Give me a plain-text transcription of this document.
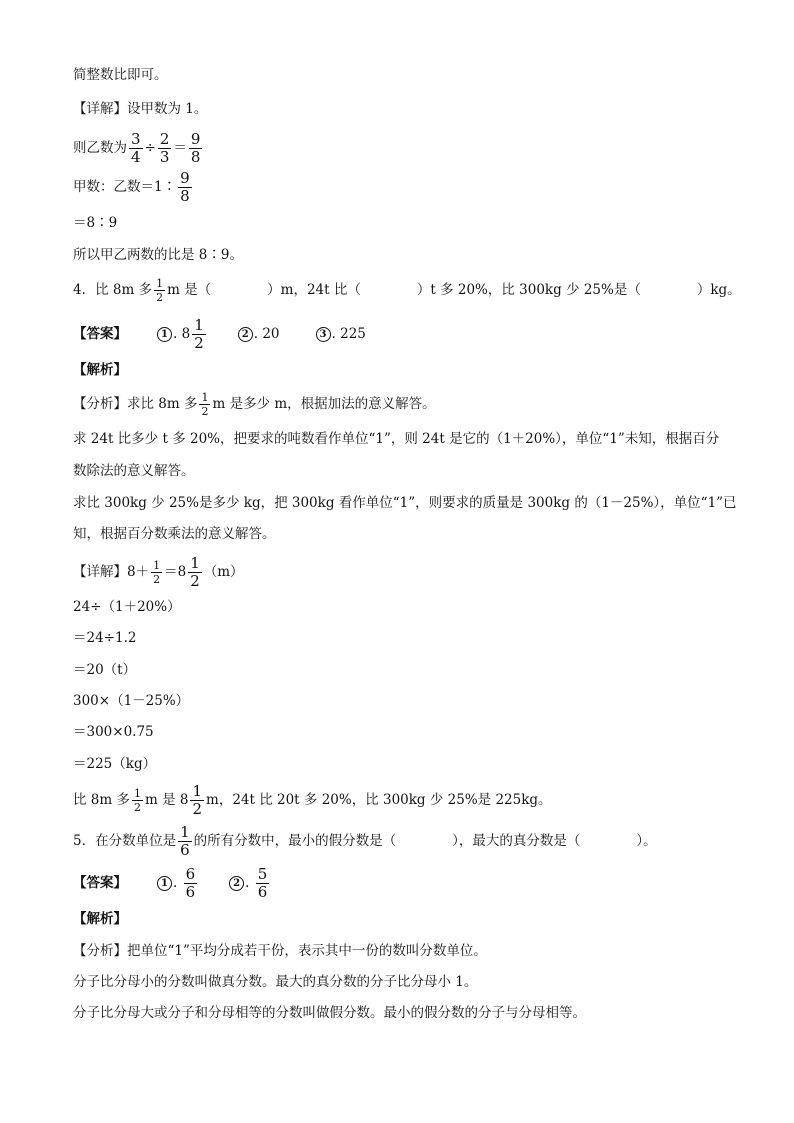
简整数比即可。
【详解】设甲数为 1。
则乙数为 $\frac{3}{4} \div \frac{2}{3} = \frac{9}{8}$
甲数：乙数＝1∶ $\frac{9}{8}$
＝8∶9
所以甲乙两数的比是 8∶9。
4．比 8m 多 $\frac{1}{2}$ m 是（	）m，24t 比（	）t 多 20%，比 300kg 少 25%是（	）kg。
【答案】	1 . $8 \frac{1}{2}$	2 . 20	3 . 225
【解析】
【分析】 求比 8m 多 $\frac{1}{2}$ m 是多少 m，根据加法的意义解答。
求 24t 比多少 t 多 20%，把要求的吨数看作单位“1”，则 24t 是它的（1＋20%），单位“1”未知，根据百分
数除法的意义解答。
求比 300kg 少 25%是多少 kg，把 300kg 看作单位“1”，则要求的质量是 300kg 的（1－25%），单位“1”已
知，根据百分数乘法的意义解答。
【详解】 $8+ \frac{1}{2} =8 \frac{1}{2} (m)$
24÷（1＋20%）
＝24÷1.2
＝20（t）
300×（1－25%）
＝300×0.75
＝225（kg）
比 8m 多 $\frac{1}{2}$ m 是 $8 \frac{1}{2}$ m，24t 比 20t 多 20%，比 300kg 少 25%是 225kg。
5．在分数单位是 $\frac{1}{6}$ 的所有分数中，最小的假分数是（	），最大的真分数是（	）。
【答案】	1 . $\frac{6}{6}$	2 . $\frac{5}{6}$
【解析】
【分析】把单位“1”平均分成若干份，表示其中一份的数叫分数单位。
分子比分母小的分数叫做真分数。最大的真分数的分子比分母小 1。
分子比分母大或分子和分母相等的分数叫做假分数。最小的假分数的分子与分母相等。
